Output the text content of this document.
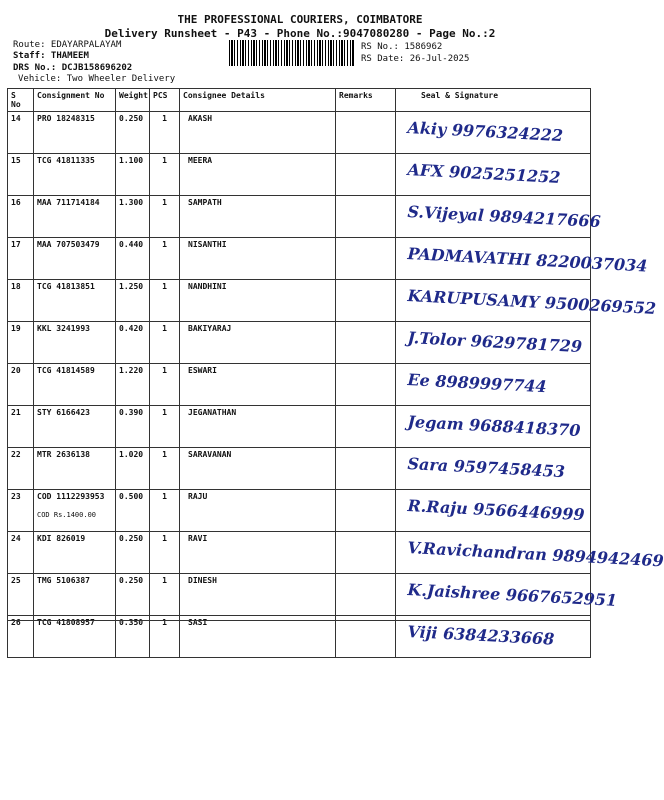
THE PROFESSIONAL COURIERS, COIMBATORE
Delivery Runsheet - P43 - Phone No.:9047080280 - Page No.:2
Route: EDAYARPALAYAM
Staff: THAMEEM
DRS No.: DCJB158696202
Vehicle: Two Wheeler Delivery
RS No.: 1586962
RS Date: 26-Jul-2025
S No	Consignment No	Weight	PCS	Consignee Details	Remarks	Seal & Signature
14	PRO 18248315	0.250	1	AKASH		Akiy 9976324222

15	TCG 41811335	1.100	1	MEERA		AFX 9025251252

16	MAA 711714184	1.300	1	SAMPATH		S.Vijeyal 9894217666

17	MAA 707503479	0.440	1	NISANTHI		PADMAVATHI 8220037034

18	TCG 41813851	1.250	1	NANDHINI		KARUPUSAMY 9500269552

19	KKL 3241993	0.420	1	BAKIYARAJ		J.Tolor 9629781729

20	TCG 41814589	1.220	1	ESWARI		Ee 8989997744

21	STY 6166423	0.390	1	JEGANATHAN		Jegam 9688418370

22	MTR 2636138	1.020	1	SARAVANAN		Sara 9597458453

23	COD 1112293953
COD Rs.1400.00	0.500	1	RAJU		R.Raju 9566446999

24	KDI 826019	0.250	1	RAVI		V.Ravichandran 9894942469

25	TMG 5106387	0.250	1	DINESH		K.Jaishree 9667652951

26	TCG 41808957	0.350	1	SASI		Viji 6384233668
